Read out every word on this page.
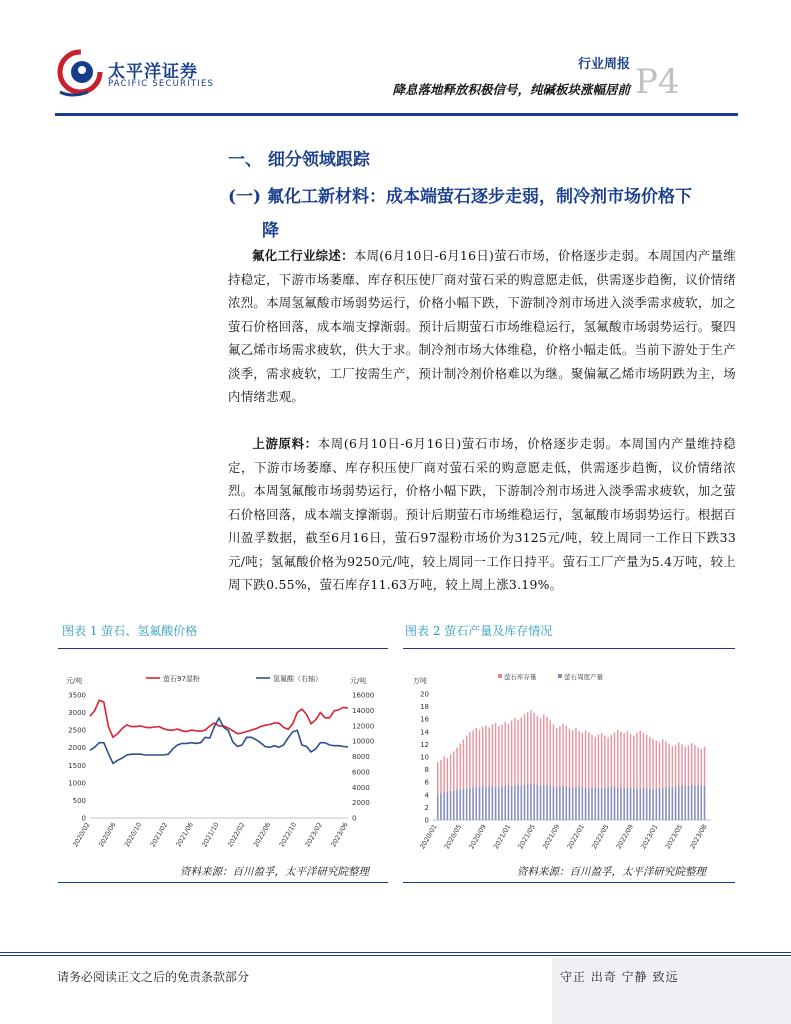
太平洋证券
PACIFIC SECURITIES
行业周报
降息落地释放积极信号，纯碱板块涨幅居前 P4
一、 细分领域跟踪
(一) 氟化工新材料：成本端萤石逐步走弱，制冷剂市场价格下
降
氟化工行业综述：本周(6月10日-6月16日)萤石市场，价格逐步走弱。本周国内产量维持稳定，下游市场萎靡、库存积压使厂商对萤石采的购意愿走低，供需逐步趋衡，议价情绪浓烈。本周氢氟酸市场弱势运行，价格小幅下跌，下游制冷剂市场进入淡季需求疲软，加之萤石价格回落，成本端支撑渐弱。预计后期萤石市场维稳运行，氢氟酸市场弱势运行。聚四氟乙烯市场需求疲软，供大于求。制冷剂市场大体维稳，价格小幅走低。当前下游处于生产淡季，需求疲软，工厂按需生产，预计制冷剂价格难以为继。聚偏氟乙烯市场阴跌为主，场内情绪悲观。
上游原料：本周(6月10日-6月16日)萤石市场，价格逐步走弱。本周国内产量维持稳定，下游市场萎靡、库存积压使厂商对萤石采的购意愿走低，供需逐步趋衡，议价情绪浓烈。本周氢氟酸市场弱势运行，价格小幅下跌，下游制冷剂市场进入淡季需求疲软，加之萤石价格回落，成本端支撑渐弱。预计后期萤石市场维稳运行，氢氟酸市场弱势运行。根据百川盈孚数据，截至6月16日，萤石97湿粉市场价为3125元/吨，较上周同一工作日下跌33元/吨；氢氟酸价格为9250元/吨，较上周同一工作日持平。萤石工厂产量为5.4万吨，较上周下跌0.55%，萤石库存11.63万吨，较上周上涨3.19%。
图表 1 萤石、氢氟酸价格	图表 2 萤石产量及库存情况
元/吨	元/吨
0
500
1000
1500
2000
2500
3000
3500
0
2000
4000
6000
8000
10000
12000
14000
16000
2020/02 2020/06 2020/10 2021/02 2021/06 2021/10 2022/02 2022/06 2022/10 2023/02 2023/06
萤石97湿粉	氢氟酸（右轴）	万吨
0
2
4
6
8
10
12
14
16
18
20
2020/01 2020/05 2020/09 2021/01 2021/05 2021/09 2022/01 2022/05 2022/09 2023/01 2023/05 2023/08
萤石库存量	萤石周度产量
资料来源：百川盈孚，太平洋研究院整理	资料来源：百川盈孚，太平洋研究院整理
请务必阅读正文之后的免责条款部分	守正 出奇 宁静 致远
